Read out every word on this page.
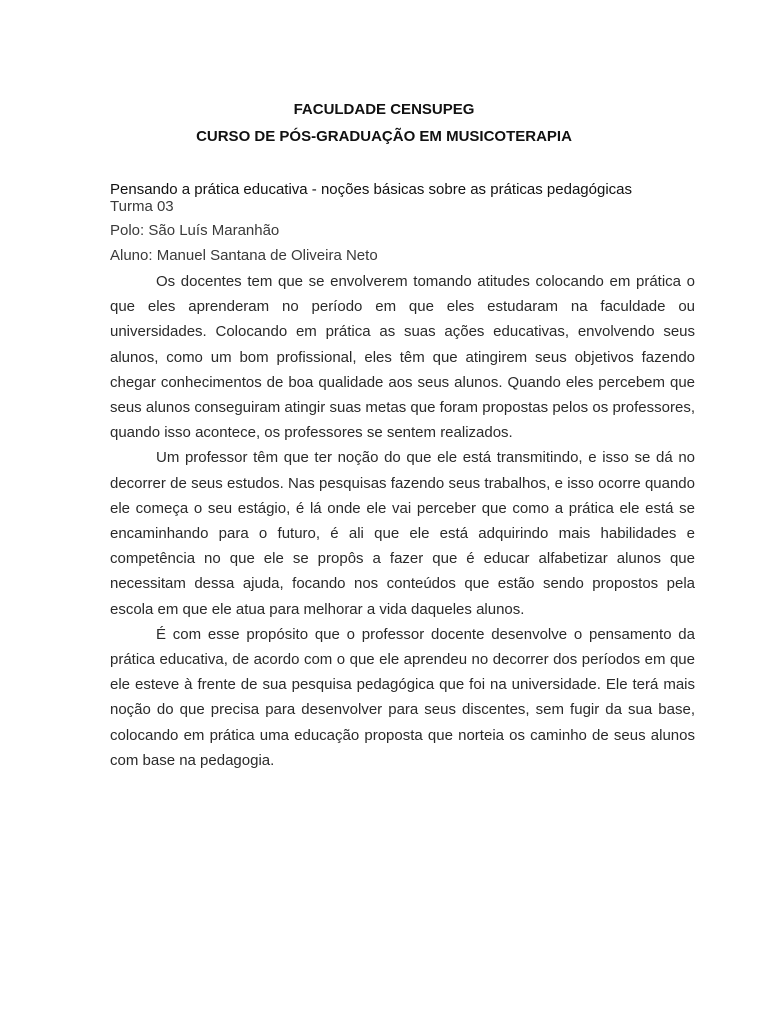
FACULDADE CENSUPEG
CURSO DE PÓS-GRADUAÇÃO EM MUSICOTERAPIA
Pensando a prática educativa - noções básicas sobre as práticas pedagógicas
Turma 03
Polo: São Luís Maranhão
Aluno: Manuel Santana de Oliveira Neto

Os docentes tem que se envolverem tomando atitudes colocando em prática o que eles aprenderam no período em que eles estudaram na faculdade ou universidades. Colocando em prática as suas ações educativas, envolvendo seus alunos, como um bom profissional, eles têm que atingirem seus objetivos fazendo chegar conhecimentos de boa qualidade aos seus alunos. Quando eles percebem que seus alunos conseguiram atingir suas metas que foram propostas pelos os professores, quando isso acontece, os professores se sentem realizados.

Um professor têm que ter noção do que ele está transmitindo, e isso se dá no decorrer de seus estudos. Nas pesquisas fazendo seus trabalhos, e isso ocorre quando ele começa o seu estágio, é lá onde ele vai perceber que como a prática ele está se encaminhando para o futuro, é ali que ele está adquirindo mais habilidades e competência no que ele se propôs a fazer que é educar alfabetizar alunos que necessitam dessa ajuda, focando nos conteúdos que estão sendo propostos pela escola em que ele atua para melhorar a vida daqueles alunos.

É com esse propósito que o professor docente desenvolve o pensamento da prática educativa, de acordo com o que ele aprendeu no decorrer dos períodos em que ele esteve à frente de sua pesquisa pedagógica que foi na universidade. Ele terá mais noção do que precisa para desenvolver para seus discentes, sem fugir da sua base, colocando em prática uma educação proposta que norteia os caminho de seus alunos com base na pedagogia.
